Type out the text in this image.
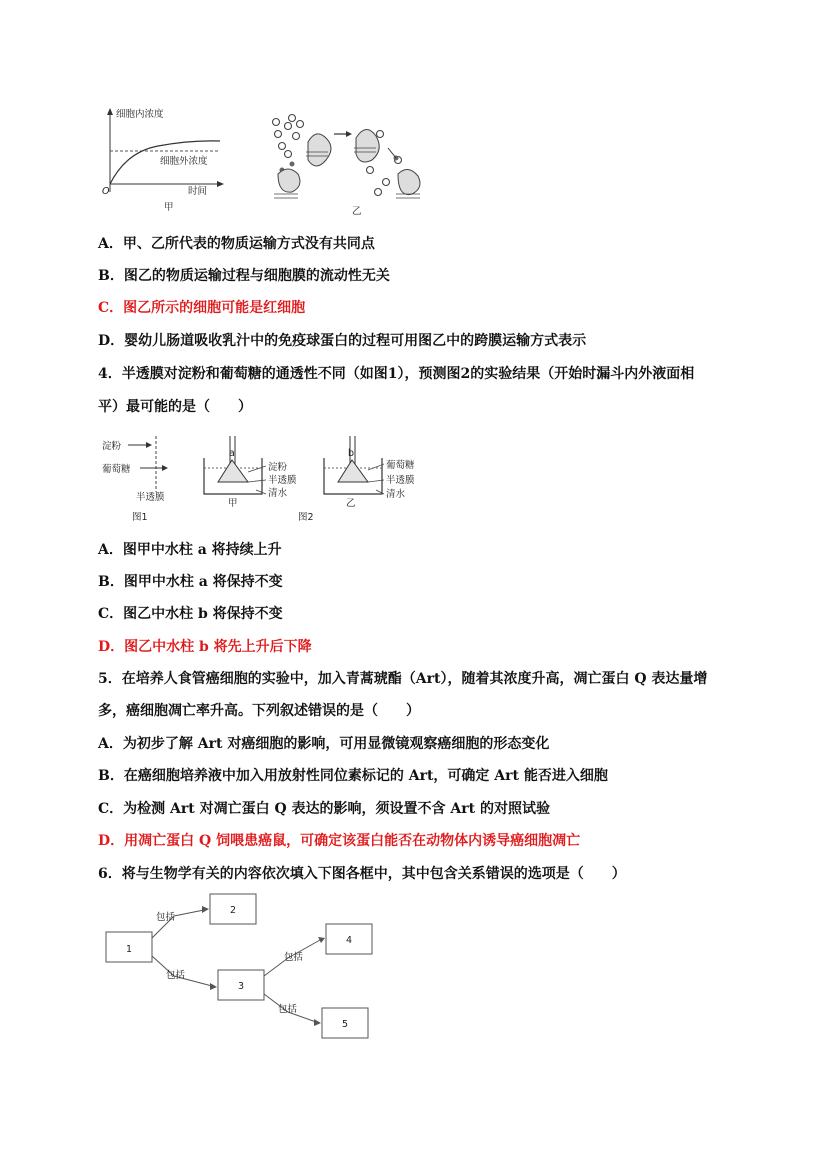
细胞内浓度
细胞外浓度
时间
O
甲	乙
A．甲、乙所代表的物质运输方式没有共同点
B．图乙的物质运输过程与细胞膜的流动性无关
C．图乙所示的细胞可能是红细胞
D．婴幼儿肠道吸收乳汁中的免疫球蛋白的过程可用图乙中的跨膜运输方式表示
4．半透膜对淀粉和葡萄糖的通透性不同（如图1），预测图2的实验结果（开始时漏斗内外液面相
平）最可能的是（　　）
淀粉
葡萄糖
半透膜
图1
a
淀粉
半透膜
清水
甲
b
葡萄糖
半透膜
清水
乙
图2
A．图甲中水柱 a 将持续上升
B．图甲中水柱 a 将保持不变
C．图乙中水柱 b 将保持不变
D．图乙中水柱 b 将先上升后下降
5．在培养人食管癌细胞的实验中，加入青蒿琥酯（Art），随着其浓度升高，凋亡蛋白 Q 表达量增
多，癌细胞凋亡率升高。下列叙述错误的是（　　）
A．为初步了解 Art 对癌细胞的影响，可用显微镜观察癌细胞的形态变化
B．在癌细胞培养液中加入用放射性同位素标记的 Art，可确定 Art 能否进入细胞
C．为检测 Art 对凋亡蛋白 Q 表达的影响，须设置不含 Art 的对照试验
D．用凋亡蛋白 Q 饲喂患癌鼠，可确定该蛋白能否在动物体内诱导癌细胞凋亡
6．将与生物学有关的内容依次填入下图各框中，其中包含关系错误的选项是（　　）
1
2
3
4
5
包括
包括
包括
包括
